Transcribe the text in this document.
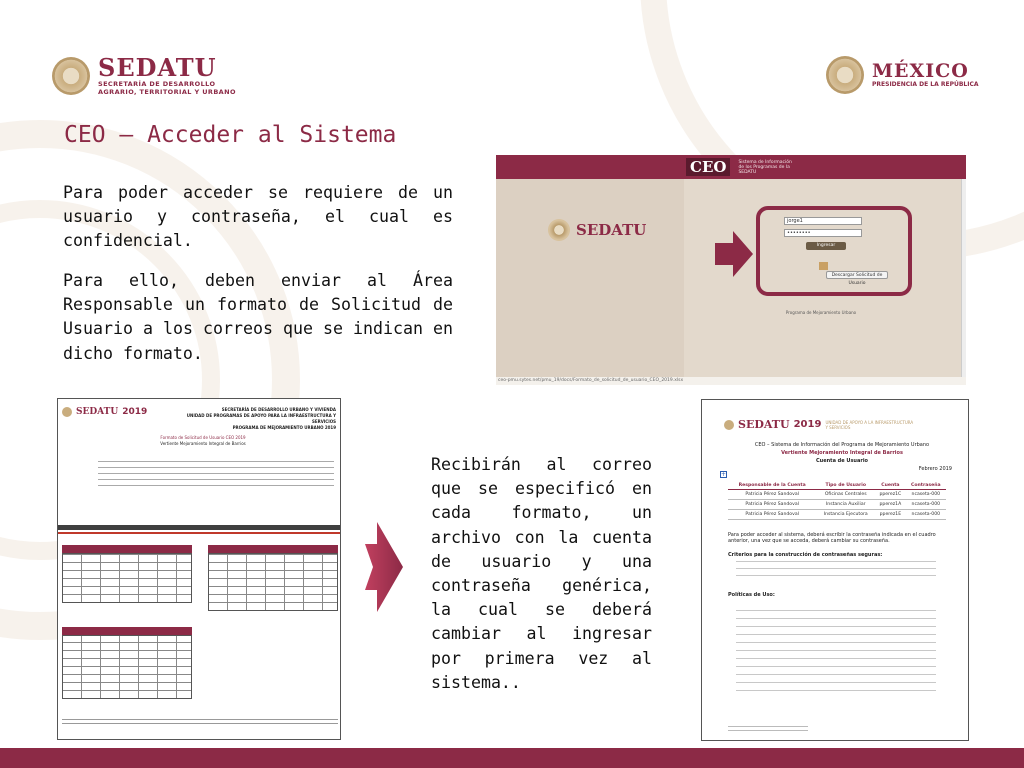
SEDATU
SECRETARÍA DE DESARROLLO
AGRARIO, TERRITORIAL Y URBANO
MÉXICO
PRESIDENCIA DE LA REPÚBLICA
CEO – Acceder al Sistema
Para poder acceder se requiere de un usuario y contraseña, el cual es confidencial.
Para ello, deben enviar al Área Responsable un formato de Solicitud de Usuario a los correos que se indican en dicho formato.
Recibirán al correo que se especificó en cada formato, un archivo con la cuenta de usuario y una contraseña genérica, la cual se deberá cambiar al ingresar por primera vez al sistema..
CEO	Sistema de Información de los Programas de la SEDATU
SEDATU	jorge1
••••••••
Ingresar
Descargar Solicitud de Usuario
Programa de Mejoramiento Urbano
ceo-pmu.sytes.net/pmu_19/docs/Formato_de_solicitud_de_usuario_CEO_2019.xlsx
SEDATU 2019	SECRETARÍA DE DESARROLLO URBANO Y VIVIENDA
UNIDAD DE PROGRAMAS DE APOYO PARA LA INFRAESTRUCTURA Y SERVICIOS
PROGRAMA DE MEJORAMIENTO URBANO 2019
Formato de Solicitud de Usuario CEO 2019
Vertiente Mejoramiento Integral de Barrios
SEDATU 2019 UNIDAD DE APOYO A LA INFRAESTRUCTURA Y SERVICIOS
CEO – Sistema de Información del Programa de Mejoramiento Urbano
Vertiente Mejoramiento Integral de Barrios
Cuenta de Usuario
Febrero 2019
+
Responsable de la Cuenta	Tipo de Usuario	Cuenta	Contraseña
Patricia Pérez Sandoval	Oficinas Centrales	pperez1C	ncaseta-000
Patricia Pérez Sandoval	Instancia Auxiliar	pperez1A	ncaseta-000
Patricia Pérez Sandoval	Instancia Ejecutora	pperez1E	ncaseta-000
Para poder acceder al sistema, deberá escribir la contraseña indicada en el cuadro anterior, una vez que se acceda, deberá cambiar su contraseña.
Criterios para la construcción de contraseñas seguras:
Políticas de Uso:
